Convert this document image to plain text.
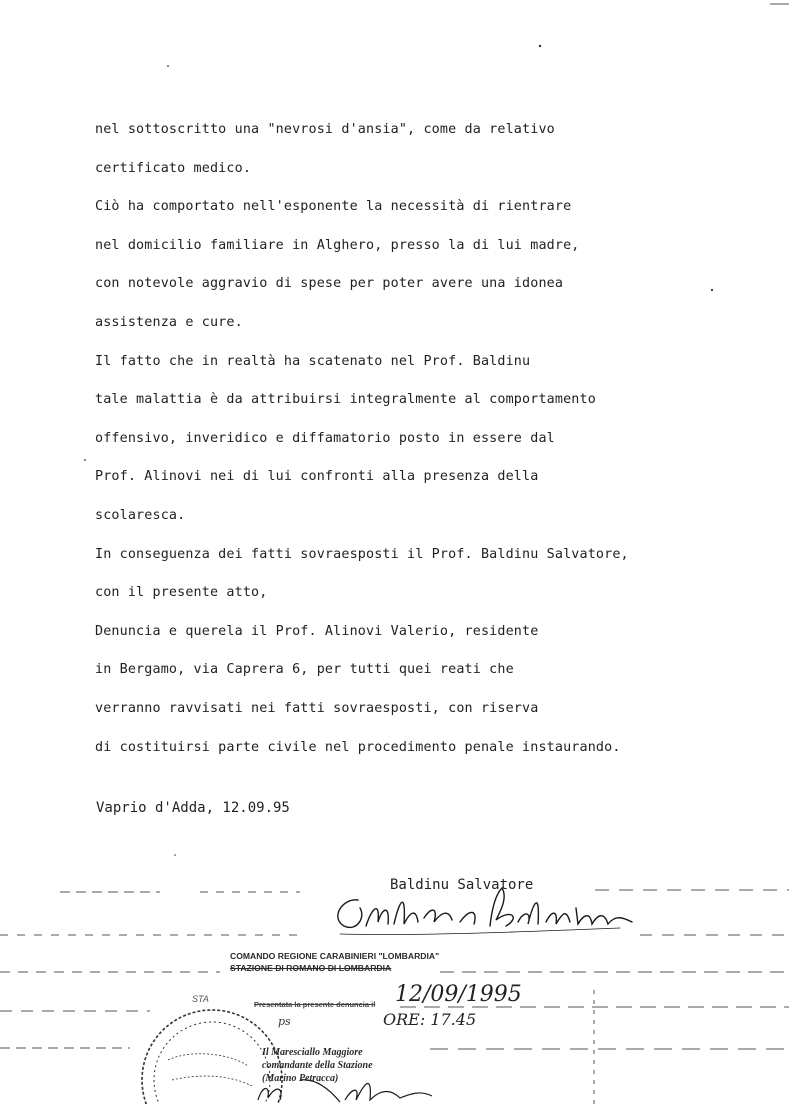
nel sottoscritto una "nevrosi d'ansia", come da relativo
certificato medico.
Ciò ha comportato nell'esponente la necessità di rientrare
nel domicilio familiare in Alghero, presso la di lui madre,
con notevole aggravio di spese per poter avere una idonea
assistenza e cure.
Il fatto che in realtà ha scatenato nel Prof. Baldinu
tale malattia è da attribuirsi integralmente al comportamento
offensivo, inveridico e diffamatorio posto in essere dal
Prof. Alinovi nei di lui confronti alla presenza della
scolaresca.
In conseguenza dei fatti sovraesposti il Prof. Baldinu Salvatore,
con il presente atto,
Denuncia e querela il Prof. Alinovi Valerio, residente
in Bergamo, via Caprera 6, per tutti quei reati che
verranno ravvisati nei fatti sovraesposti, con riserva
di costituirsi parte civile nel procedimento penale instaurando.
Vaprio d'Adda, 12.09.95
Baldinu Salvatore
COMANDO REGIONE CARABINIERI "LOMBARDIA"
STAZIONE DI ROMANO DI LOMBARDIA
STA
Presentata la presente denuncia il 12/09/1995
ORE: 17.45
ps
Il Maresciallo Maggiore
comandante della Stazione
(Marino Petracca)
